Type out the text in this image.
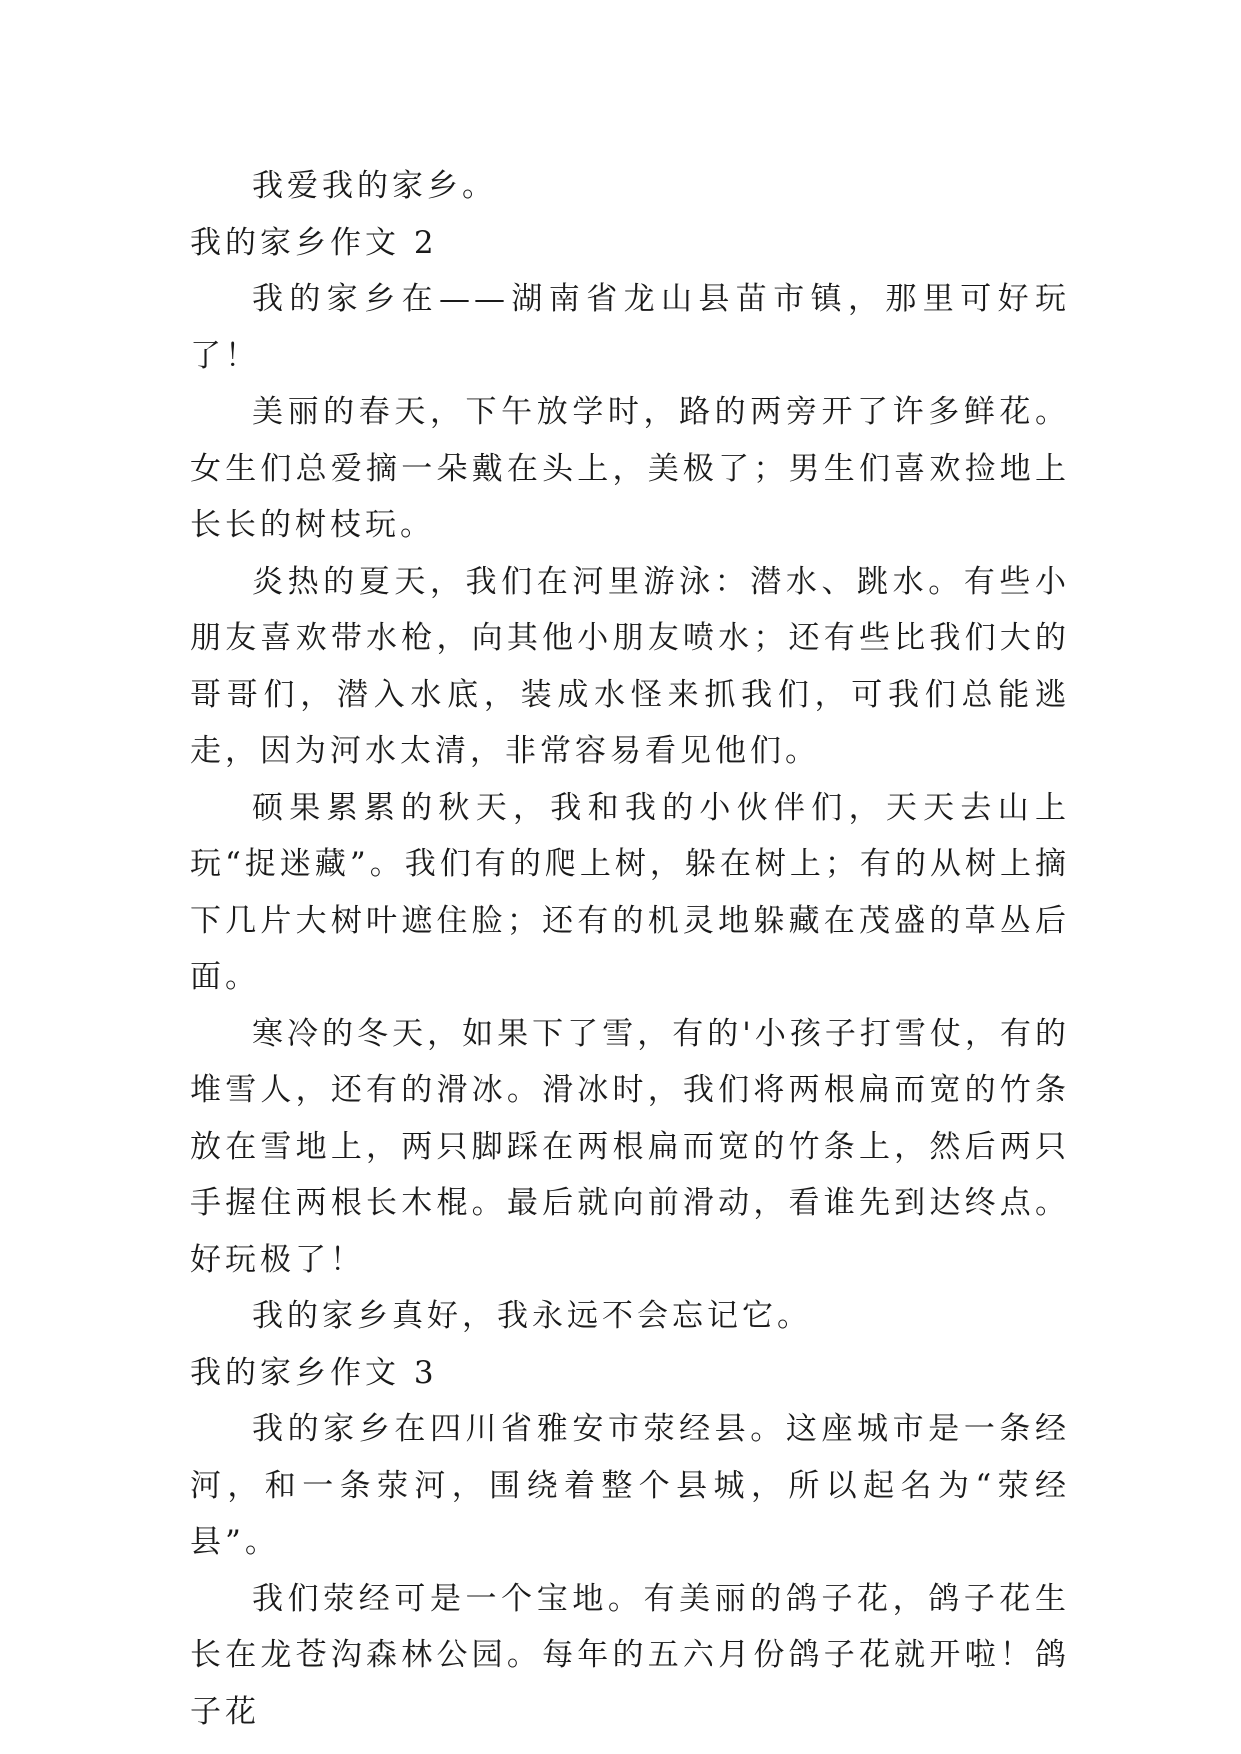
我爱我的家乡。

我的家乡作文 2

我的家乡在——湖南省龙山县苗市镇，那里可好玩了！

美丽的春天，下午放学时，路的两旁开了许多鲜花。女生们总爱摘一朵戴在头上，美极了；男生们喜欢捡地上长长的树枝玩。

炎热的夏天，我们在河里游泳：潜水、跳水。有些小朋友喜欢带水枪，向其他小朋友喷水；还有些比我们大的哥哥们，潜入水底，装成水怪来抓我们，可我们总能逃走，因为河水太清，非常容易看见他们。

硕果累累的秋天，我和我的小伙伴们，天天去山上玩“捉迷藏”。我们有的爬上树，躲在树上；有的从树上摘下几片大树叶遮住脸；还有的机灵地躲藏在茂盛的草丛后面。

寒冷的冬天，如果下了雪，有的'小孩子打雪仗，有的堆雪人，还有的滑冰。滑冰时，我们将两根扁而宽的竹条放在雪地上，两只脚踩在两根扁而宽的竹条上，然后两只手握住两根长木棍。最后就向前滑动，看谁先到达终点。好玩极了！

我的家乡真好，我永远不会忘记它。

我的家乡作文 3

我的家乡在四川省雅安市荥经县。这座城市是一条经河，和一条荥河，围绕着整个县城，所以起名为“荥经县”。

我们荥经可是一个宝地。有美丽的鸽子花，鸽子花生长在龙苍沟森林公园。每年的五六月份鸽子花就开啦！鸽子花
